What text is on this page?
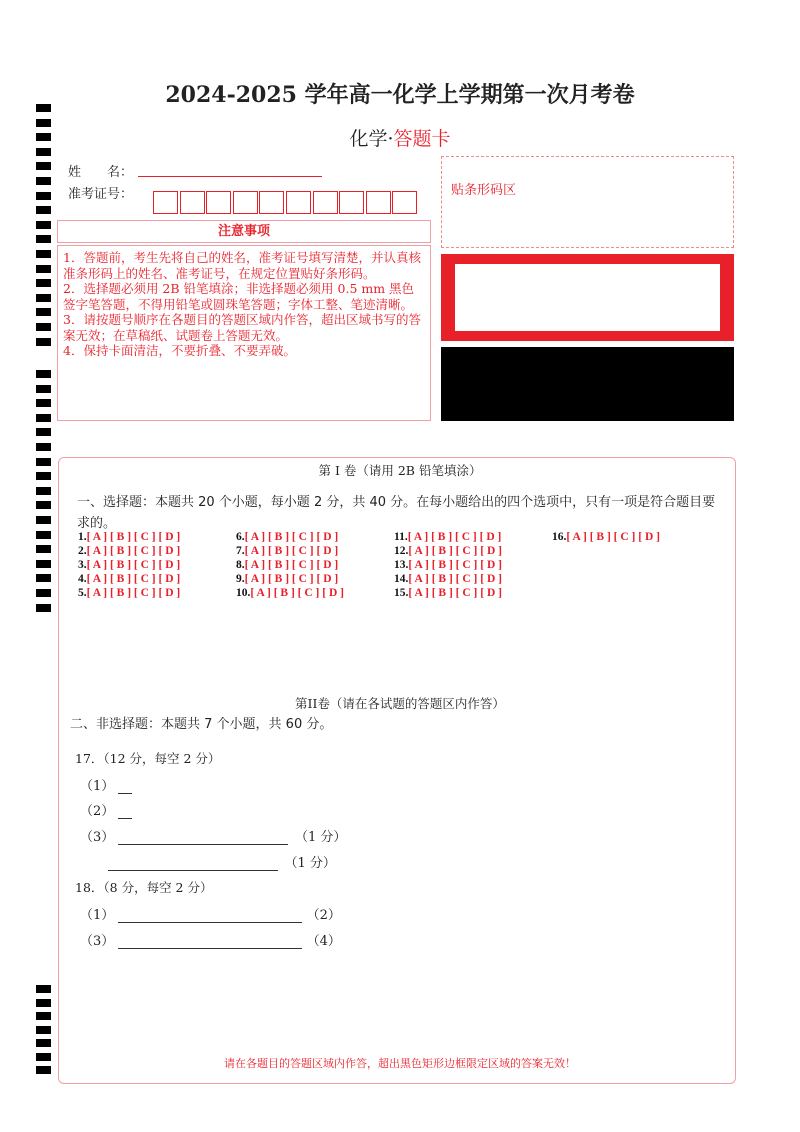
2024-2025 学年高一化学上学期第一次月考卷
化学·答题卡
姓　　名：
准考证号：
注意事项
1．答题前，考生先将自己的姓名，准考证号填写清楚，并认真核准条形码上的姓名、准考证号，在规定位置贴好条形码。
2．选择题必须用 2B 铅笔填涂；非选择题必须用 0.5 mm 黑色签字笔答题，不得用铅笔或圆珠笔答题；字体工整、笔迹清晰。
3．请按题号顺序在各题目的答题区域内作答，超出区域书写的答案无效；在草稿纸、试题卷上答题无效。
4．保持卡面清洁，不要折叠、不要弄破。
贴条形码区
第 I 卷（请用 2B 铅笔填涂）
一、选择题：本题共 20 个小题，每小题 2 分，共 40 分。在每小题给出的四个选项中，只有一项是符合题目要求的。
1.[ A ] [ B ] [ C ] [ D ]
2.[ A ] [ B ] [ C ] [ D ]
3.[ A ] [ B ] [ C ] [ D ]
4.[ A ] [ B ] [ C ] [ D ]
5.[ A ] [ B ] [ C ] [ D ]
6.[ A ] [ B ] [ C ] [ D ]
7.[ A ] [ B ] [ C ] [ D ]
8.[ A ] [ B ] [ C ] [ D ]
9.[ A ] [ B ] [ C ] [ D ]
10.[ A ] [ B ] [ C ] [ D ]
11.[ A ] [ B ] [ C ] [ D ]
12.[ A ] [ B ] [ C ] [ D ]
13.[ A ] [ B ] [ C ] [ D ]
14.[ A ] [ B ] [ C ] [ D ]
15.[ A ] [ B ] [ C ] [ D ]
16.[ A ] [ B ] [ C ] [ D ]
第II卷（请在各试题的答题区内作答）
二、非选择题：本题共 7 个小题，共 60 分。
17．（12 分，每空 2 分）
（1）
（2）
（3） 　	（1 分）
　（1 分）
18．（8 分，每空 2 分）
（1）	（2）
（3）	（4）
请在各题目的答题区域内作答，超出黑色矩形边框限定区域的答案无效！
